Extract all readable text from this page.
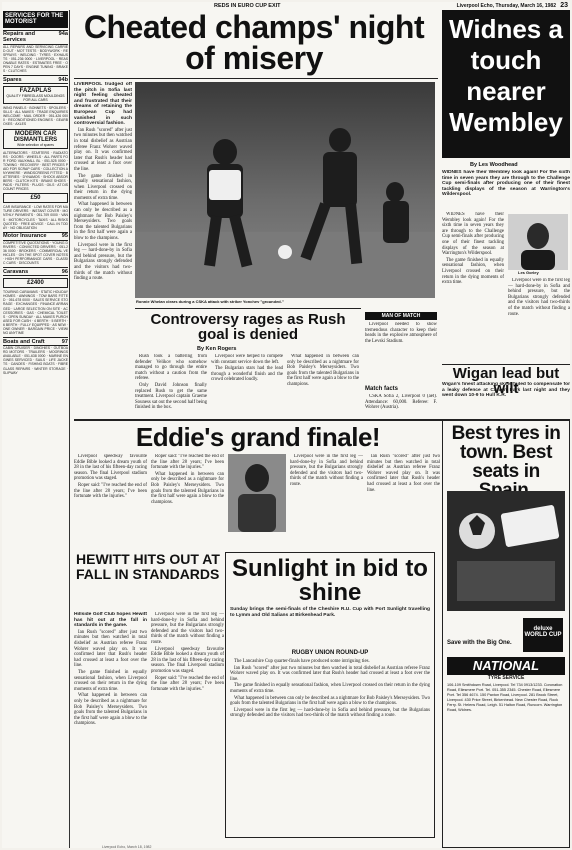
Liverpool Echo, Thursday, March 16, 1982 23
SERVICES FOR THE MOTORIST
Repairs and Services
94a
ALL REPAIRS AND SERVICING CARRIED OUT · MOT TESTS · BODYWORK · RESPRAYS · WELDING · TYRES · EXHAUSTS · 051-236 0000 · LIVERPOOL · REASONABLE RATES · ESTIMATES FREE · OPEN 7 DAYS · ENGINE TUNING · BRAKES · CLUTCHES
Spares	94b
FAZAPLAS
QUALITY FIBREGLASS MOULDINGS FOR ALL CARS
WING PANELS · BONNETS · SPOILERS · SILLS · ALL MAKES · TRADE ENQUIRIES WELCOME · MAIL ORDER · 051-426 0000 · RECONDITIONED ENGINES · GEARBOXES · AXLES
MODERN CAR DISMANTLERS
Wide selection of spares
ALTERNATORS · STARTERS · RADIATORS · DOORS · WHEELS · ALL PARTS FOR FORD VAUXHALL BL · 051-525 0000 · TOWING · RECOVERY · BEST PRICES PAID FOR SCRAP CARS · COLLECTION ANYWHERE · WINDSCREENS FITTED · BATTERIES · DYNAMOS · SHOCK ABSORBERS · CLUTCH KITS · BRAKE SHOES · PADS · FILTERS · PLUGS · OILS · AT DISCOUNT PRICES
£50
CAR INSURANCE · LOW RATES FOR MATURE DRIVERS · INSTANT COVER · MONTHLY PAYMENTS · 051-709 0000 · VANS · MOTORCYCLES · TAXIS · ALL RISKS QUOTED · FREE ADVICE · CALL IN TODAY · NO OBLIGATION
Motor Insurance	95
COMPETITIVE QUOTATIONS · YOUNG DRIVERS · CONVICTED DRIVERS · 051-236 0000 · BROKERS · COMMERCIAL VEHICLES · ON THE SPOT COVER NOTES · HIGH PERFORMANCE CARS · CLASSIC CARS · DISCOUNTS
Caravans	96
£2400
TOURING CARAVANS · STATIC HOLIDAY HOMES · AWNINGS · TOW BARS FITTED · 051-678 0000 · SALES SERVICE STORAGE · EXCHANGES · FINANCE ARRANGED · LARGE SELECTION ON SITE · ACCESSORIES · GAS · CHEMICAL TOILETS · OPEN SUNDAY · ALL MAKES PURCHASED FOR CASH · 4 BERTH · 5 BERTH · 6 BERTH · FULLY EQUIPPED · AS NEW · ONE OWNER · BARGAIN PRICE · VIEWING ANYTIME
Boats and Craft	97
CABIN CRUISER · DINGHIES · OUTBOARD MOTORS · TRAILERS · MOORINGS AVAILABLE · 051-638 0000 · MARINE ENGINES SERVICED · SAILS · LIFE JACKETS · CANOES · FISHING BOATS · FIBREGLASS REPAIRS · WINTER STORAGE · SLIPWAY
REDS IN EURO CUP EXIT
Cheated champs' night of misery

LIVERPOOL trudged off the pitch in Sofia last night feeling cheated and frustrated that their dreams of retaining the European Cup had vanished in such controversial fashion.

Ian Rush "scored" after just two minutes but then watched in total disbelief as Austrian referee Franz Wohrer waved play on. It was confirmed later that Rush's header had crossed at least a foot over the line.

The game finished in equally sensational fashion, when Liverpool crossed on their return in the dying moments of extra time.

What happened in between can only be described as a nightmare for Bob Paisley's Merseysiders. Two goals from the talented Bulgarians in the first half were again a blow to the champions.

Liverpool were in the first leg — hard-done-by in Sofia and behind pressure, but the Bulgarians strongly defended and the visitors had two-thirds of the match without finding a route.

Ronnie Whelan clears during a CSKA attack with striker Yonchev "grounded."
Controversy rages as Rush goal is denied
By Ken Rogers

Rush took a battering from defender Velikov who somehow managed to go through the entire match without a caution from the referee.

Only David Johnson finally replaced Rush to get the same treatment. Liverpool captain Graeme Souness sat out the second half being finished in the box.

Liverpool were helped to compete with constant service down the left.

The Bulgarian stars had the lead through a wonderful finish and the crowd celebrated loudly.

What happened in between can only be described as a nightmare for Bob Paisley's Merseysiders. Two goals from the talented Bulgarians in the first half were again a blow to the champions.

MAN OF MATCH

Liverpool needed to show tremendous character to keep their heads in the explosive atmosphere of the Levski Stadium.

Match facts

CSKA Sofia 2, Liverpool 0 (aet). Attendance: 60,000. Referee: F. Wohrer (Austria).

Widnes a
touch
nearer
Wembley
By Les Woodhead

WIDNES have their Wembley look again! For the sixth time in seven years they are through to the Challenge Cup semi-finals after producing one of their finest tackling displays of the season at Warrington's Wilderspool.

WIDNES have their Wembley look again! For the sixth time in seven years they are through to the Challenge Cup semi-finals after producing one of their finest tackling displays of the season at Warrington's Wilderspool.

The game finished in equally sensational fashion, when Liverpool crossed on their return in the dying moments of extra time.

Les Gorley

Liverpool were in the first leg — hard-done-by in Sofia and behind pressure, but the Bulgarians strongly defended and the visitors had two-thirds of the match without finding a route.

Wigan lead but wilt

Wigan's finest attacking skills failed to compensate for a leaky defence at Craven Park last night and they went down 10-9 to Hull K.R.

Eddie's grand finale!

Liverpool speedway favourite Eddie Bible looked a dream youth of 28 in the last of his fifteen-day racing season. The final Liverpool stadium promotion was staged.

Roper said: "I've reached the end of the line after 28 years; I've been fortunate with the injuries."

Roper said: "I've reached the end of the line after 28 years; I've been fortunate with the injuries."

What happened in between can only be described as a nightmare for Bob Paisley's Merseysiders. Two goals from the talented Bulgarians in the first half were again a blow to the champions.

Liverpool were in the first leg — hard-done-by in Sofia and behind pressure, but the Bulgarians strongly defended and the visitors had two-thirds of the match without finding a route.

Ian Rush "scored" after just two minutes but then watched in total disbelief as Austrian referee Franz Wohrer waved play on. It was confirmed later that Rush's header had crossed at least a foot over the line.

HEWITT HITS OUT AT FALL IN STANDARDS

Hillside Golf Club hopes Hewitt has hit out at the fall in standards in the game.

Ian Rush "scored" after just two minutes but then watched in total disbelief as Austrian referee Franz Wohrer waved play on. It was confirmed later that Rush's header had crossed at least a foot over the line.

The game finished in equally sensational fashion, when Liverpool crossed on their return in the dying moments of extra time.

What happened in between can only be described as a nightmare for Bob Paisley's Merseysiders. Two goals from the talented Bulgarians in the first half were again a blow to the champions.

Liverpool were in the first leg — hard-done-by in Sofia and behind pressure, but the Bulgarians strongly defended and the visitors had two-thirds of the match without finding a route.

Liverpool speedway favourite Eddie Bible looked a dream youth of 28 in the last of his fifteen-day racing season. The final Liverpool stadium promotion was staged.

Roper said: "I've reached the end of the line after 28 years; I've been fortunate with the injuries."

Sunlight in bid to shine

Sunday brings the semi-finals of the Cheshire R.U. Cup with Port Sunlight travelling to Lymm and Old Salians at Birkenhead Park.

RUGBY UNION ROUND-UP

The Lancashire Cup quarter-finals have produced some intriguing ties.

Ian Rush "scored" after just two minutes but then watched in total disbelief as Austrian referee Franz Wohrer waved play on. It was confirmed later that Rush's header had crossed at least a foot over the line.

The game finished in equally sensational fashion, when Liverpool crossed on their return in the dying moments of extra time.

What happened in between can only be described as a nightmare for Bob Paisley's Merseysiders. Two goals from the talented Bulgarians in the first half were again a blow to the champions.

Liverpool were in the first leg — hard-done-by in Sofia and behind pressure, but the Bulgarians strongly defended and the visitors had two-thirds of the match without finding a route.

Best tyres in town. Best seats in
Save with the Big One.
deluxe WORLD CUP
NATIONAL
TYRE SERVICE
106-109 Smithdown Road, Liverpool. Tel 734 0913/1233. Coronation Road, Ellesmere Port. Tel. 051-355 2345. Chester Road, Ellesmere Port. Tel 356 4674. 150 Paxton Road, Liverpool. 281 Brook Street, Liverpool. 430 Price Street, Birkenhead. New Chester Road, Rock Ferry. St. Helens Road, Leigh. 51 Halton Road, Runcorn. Warrington Road, Widnes.
Liverpool Echo, March 18, 1982
